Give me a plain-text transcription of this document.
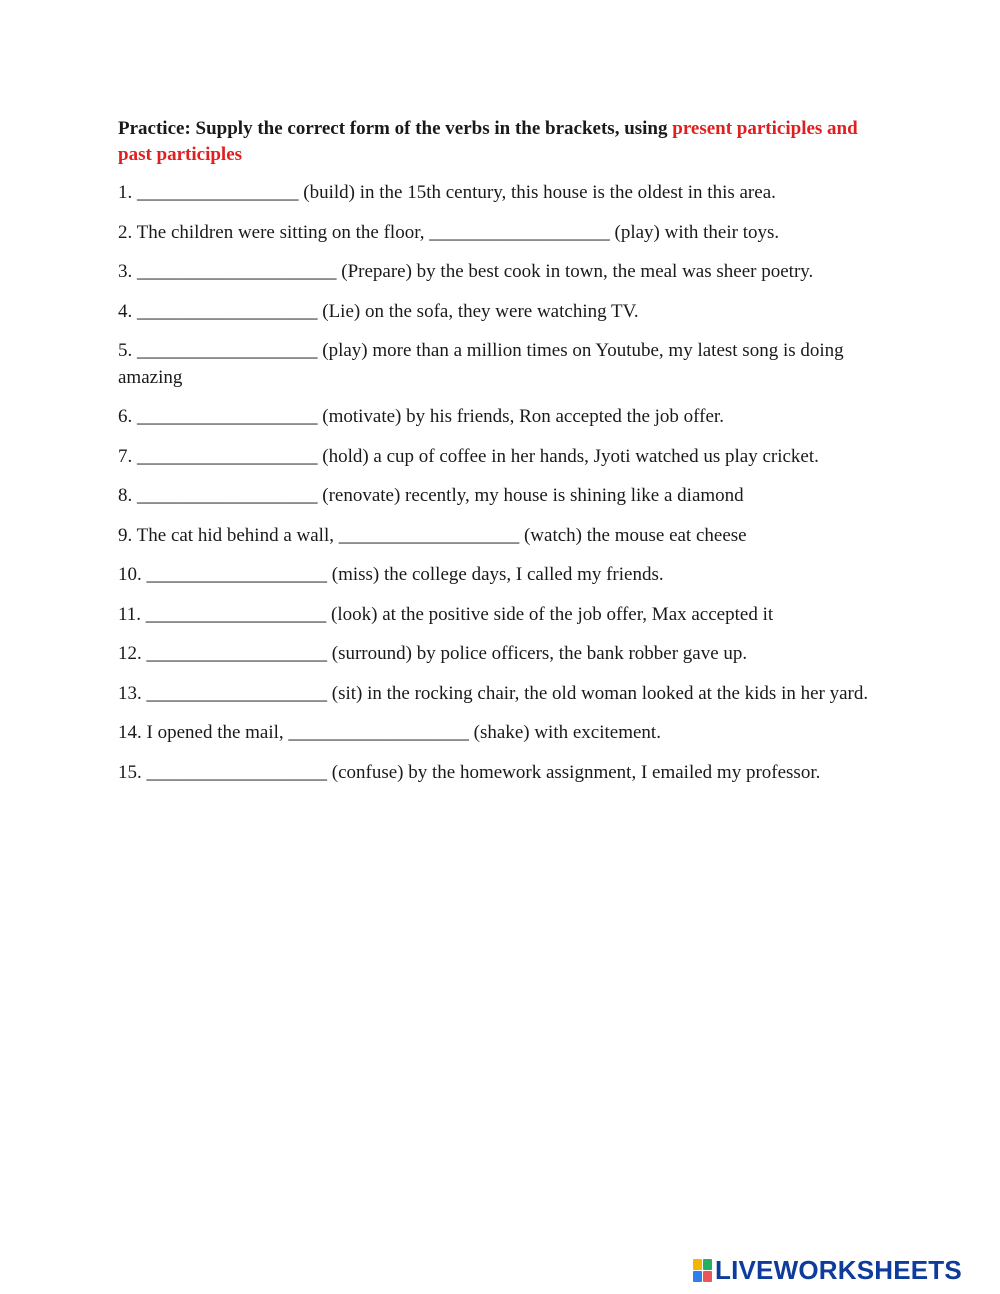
Practice: Supply the correct form of the verbs in the brackets, using present participles and past participles

1. _________________ (build) in the 15th century, this house is the oldest in this area.

2. The children were sitting on the floor, ___________________ (play) with their toys.

3. _____________________ (Prepare) by the best cook in town, the meal was sheer poetry.

4. ___________________ (Lie) on the sofa, they were watching TV.

5. ___________________ (play) more than a million times on Youtube, my latest song is doing amazing

6. ___________________ (motivate) by his friends, Ron accepted the job offer.

7. ___________________ (hold) a cup of coffee in her hands, Jyoti watched us play cricket.

8. ___________________ (renovate) recently, my house is shining like a diamond

9. The cat hid behind a wall, ___________________ (watch) the mouse eat cheese

10. ___________________ (miss) the college days, I called my friends.

11. ___________________ (look) at the positive side of the job offer, Max accepted it

12. ___________________ (surround) by police officers, the bank robber gave up.

13. ___________________ (sit) in the rocking chair, the old woman looked at the kids in her yard.

14. I opened the mail, ___________________ (shake) with excitement.

15. ___________________ (confuse) by the homework assignment, I emailed my professor.

LIVEWORKSHEETS
